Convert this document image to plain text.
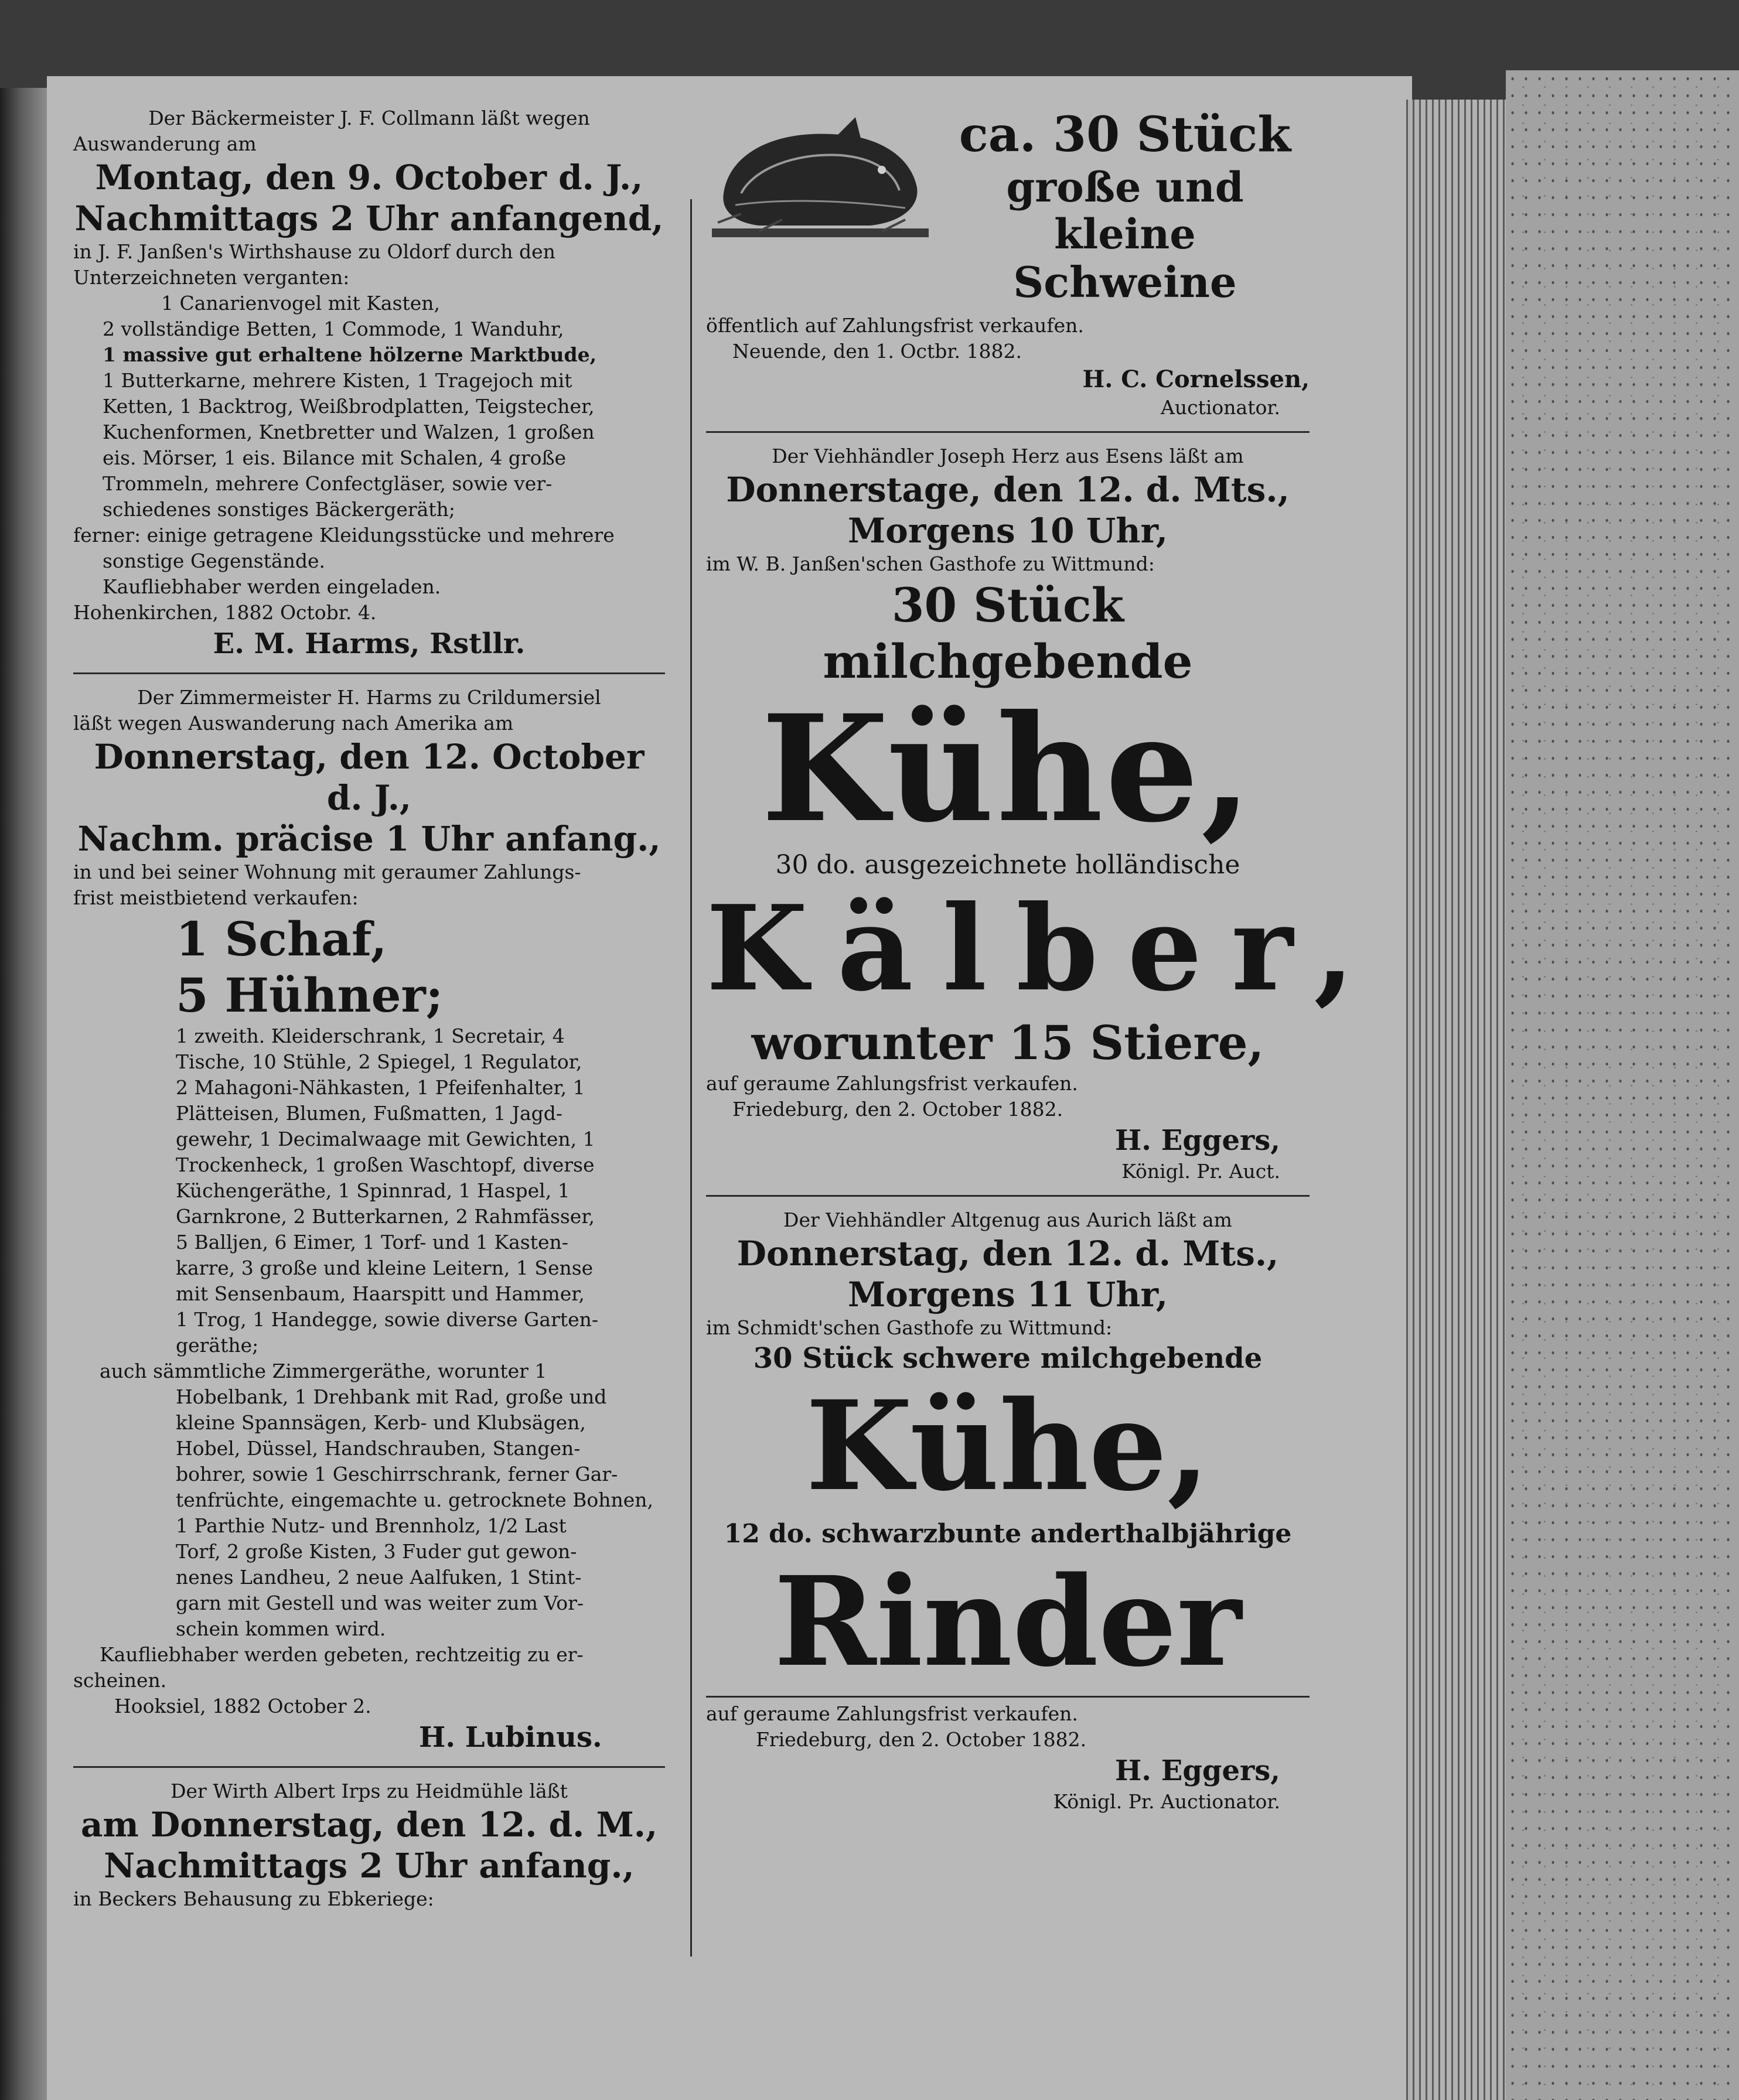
Der Bäckermeister J. F. Collmann läßt wegen

Auswanderung am

Montag, den 9. October d. J.,

Nachmittags 2 Uhr anfangend,

in J. F. Janßen's Wirthshause zu Oldorf durch den

Unterzeichneten verganten:

1 Canarienvogel mit Kasten,

2 vollständige Betten, 1 Commode, 1 Wanduhr,

1 massive gut erhaltene hölzerne Marktbude,

1 Butterkarne, mehrere Kisten, 1 Tragejoch mit

Ketten, 1 Backtrog, Weißbrodplatten, Teigstecher,

Kuchenformen, Knetbretter und Walzen, 1 großen

eis. Mörser, 1 eis. Bilance mit Schalen, 4 große

Trommeln, mehrere Confectgläser, sowie ver-

schiedenes sonstiges Bäckergeräth;

ferner: einige getragene Kleidungsstücke und mehrere

sonstige Gegenstände.

Kaufliebhaber werden eingeladen.

Hohenkirchen, 1882 Octobr. 4.

E. M. Harms, Rstllr.

Der Zimmermeister H. Harms zu Crildumersiel

läßt wegen Auswanderung nach Amerika am

Donnerstag, den 12. October d. J.,

Nachm. präcise 1 Uhr anfang.,

in und bei seiner Wohnung mit geraumer Zahlungs-

frist meistbietend verkaufen:

1 Schaf,

5 Hühner;

1 zweith. Kleiderschrank, 1 Secretair, 4

Tische, 10 Stühle, 2 Spiegel, 1 Regulator,

2 Mahagoni-Nähkasten, 1 Pfeifenhalter, 1

Plätteisen, Blumen, Fußmatten, 1 Jagd-

gewehr, 1 Decimalwaage mit Gewichten, 1

Trockenheck, 1 großen Waschtopf, diverse

Küchengeräthe, 1 Spinnrad, 1 Haspel, 1

Garnkrone, 2 Butterkarnen, 2 Rahmfässer,

5 Balljen, 6 Eimer, 1 Torf- und 1 Kasten-

karre, 3 große und kleine Leitern, 1 Sense

mit Sensenbaum, Haarspitt und Hammer,

1 Trog, 1 Handegge, sowie diverse Garten-

geräthe;

auch sämmtliche Zimmergeräthe, worunter 1

Hobelbank, 1 Drehbank mit Rad, große und

kleine Spannsägen, Kerb- und Klubsägen,

Hobel, Düssel, Handschrauben, Stangen-

bohrer, sowie 1 Geschirrschrank, ferner Gar-

tenfrüchte, eingemachte u. getrocknete Bohnen,

1 Parthie Nutz- und Brennholz, 1/2 Last

Torf, 2 große Kisten, 3 Fuder gut gewon-

nenes Landheu, 2 neue Aalfuken, 1 Stint-

garn mit Gestell und was weiter zum Vor-

schein kommen wird.

Kaufliebhaber werden gebeten, rechtzeitig zu er-

scheinen.

Hooksiel, 1882 October 2.

H. Lubinus.

Der Wirth Albert Irps zu Heidmühle läßt

am Donnerstag, den 12. d. M.,

Nachmittags 2 Uhr anfang.,

in Beckers Behausung zu Ebkeriege:

ca. 30 Stück

große und kleine

Schweine

öffentlich auf Zahlungsfrist verkaufen.

Neuende, den 1. Octbr. 1882.

H. C. Cornelssen,

Auctionator.

Der Viehhändler Joseph Herz aus Esens läßt am

Donnerstage, den 12. d. Mts.,

Morgens 10 Uhr,

im W. B. Janßen'schen Gasthofe zu Wittmund:

30 Stück milchgebende

Kühe,

30 do. ausgezeichnete holländische

Kälber,

worunter 15 Stiere,

auf geraume Zahlungsfrist verkaufen.

Friedeburg, den 2. October 1882.

H. Eggers,

Königl. Pr. Auct.

Der Viehhändler Altgenug aus Aurich läßt am

Donnerstag, den 12. d. Mts.,

Morgens 11 Uhr,

im Schmidt'schen Gasthofe zu Wittmund:

30 Stück schwere milchgebende

Kühe,

12 do. schwarzbunte anderthalbjährige

Rinder

auf geraume Zahlungsfrist verkaufen.

Friedeburg, den 2. October 1882.

H. Eggers,

Königl. Pr. Auctionator.
